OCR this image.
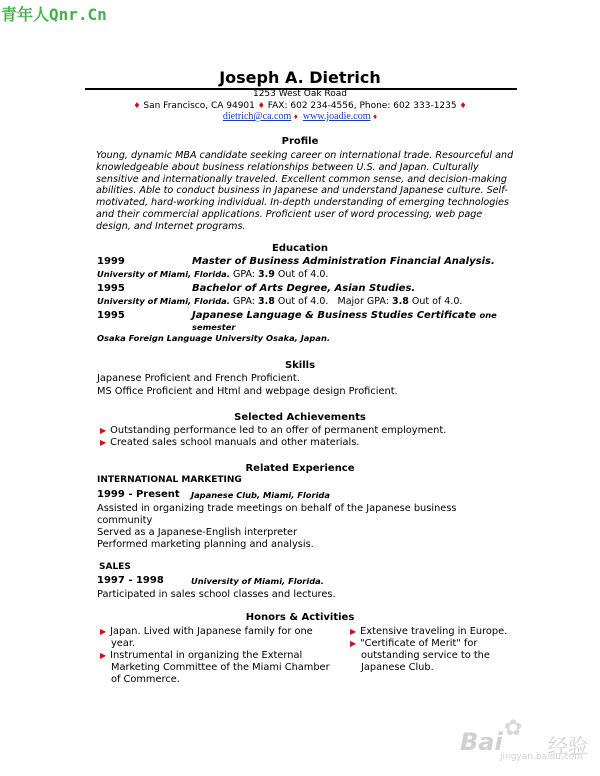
青年人Qnr.Cn
✿
Bai 经验
jingyan.baidu.com
Joseph A. Dietrich
1253 West Oak Road
♦ San Francisco, CA 94901 ♦ FAX: 602 234-4556, Phone: 602 333-1235 ♦
dietrich@ca.com ♦ www.joadie.com ♦
Profile
Young, dynamic MBA candidate seeking career on international trade. Resourceful and knowledgeable about business relationships between U.S. and Japan. Culturally sensitive and internationally traveled. Excellent common sense, and decision-making abilities. Able to conduct business in Japanese and understand Japanese culture. Self-motivated, hard-working individual. In-depth understanding of emerging technologies and their commercial applications. Proficient user of word processing, web page design, and Internet programs.
Education
1999	Master of Business Administration Financial Analysis.
University of Miami, Florida. GPA: 3.9 Out of 4.0.
1995	Bachelor of Arts Degree, Asian Studies.
University of Miami, Florida. GPA: 3.8 Out of 4.0. Major GPA: 3.8 Out of 4.0.
1995	Japanese Language & Business Studies Certificate one
semester
Osaka Foreign Language University Osaka, Japan.
Skills
Japanese Proficient and French Proficient.
MS Office Proficient and Html and webpage design Proficient.
Selected Achievements
▶ Outstanding performance led to an offer of permanent employment.
▶ Created sales school manuals and other materials.
Related Experience
INTERNATIONAL MARKETING
1999 - Present Japanese Club, Miami, Florida
Assisted in organizing trade meetings on behalf of the Japanese business
community
Served as a Japanese-English interpreter
Performed marketing planning and analysis.
SALES
1997 - 1998	University of Miami, Florida.
Participated in sales school classes and lectures.
Honors & Activities
▶ Japan. Lived with Japanese family for one
year.
▶ Instrumental in organizing the External
Marketing Committee of the Miami Chamber
of Commerce.
▶ Extensive traveling in Europe.
▶ "Certificate of Merit" for
outstanding service to the
Japanese Club.
